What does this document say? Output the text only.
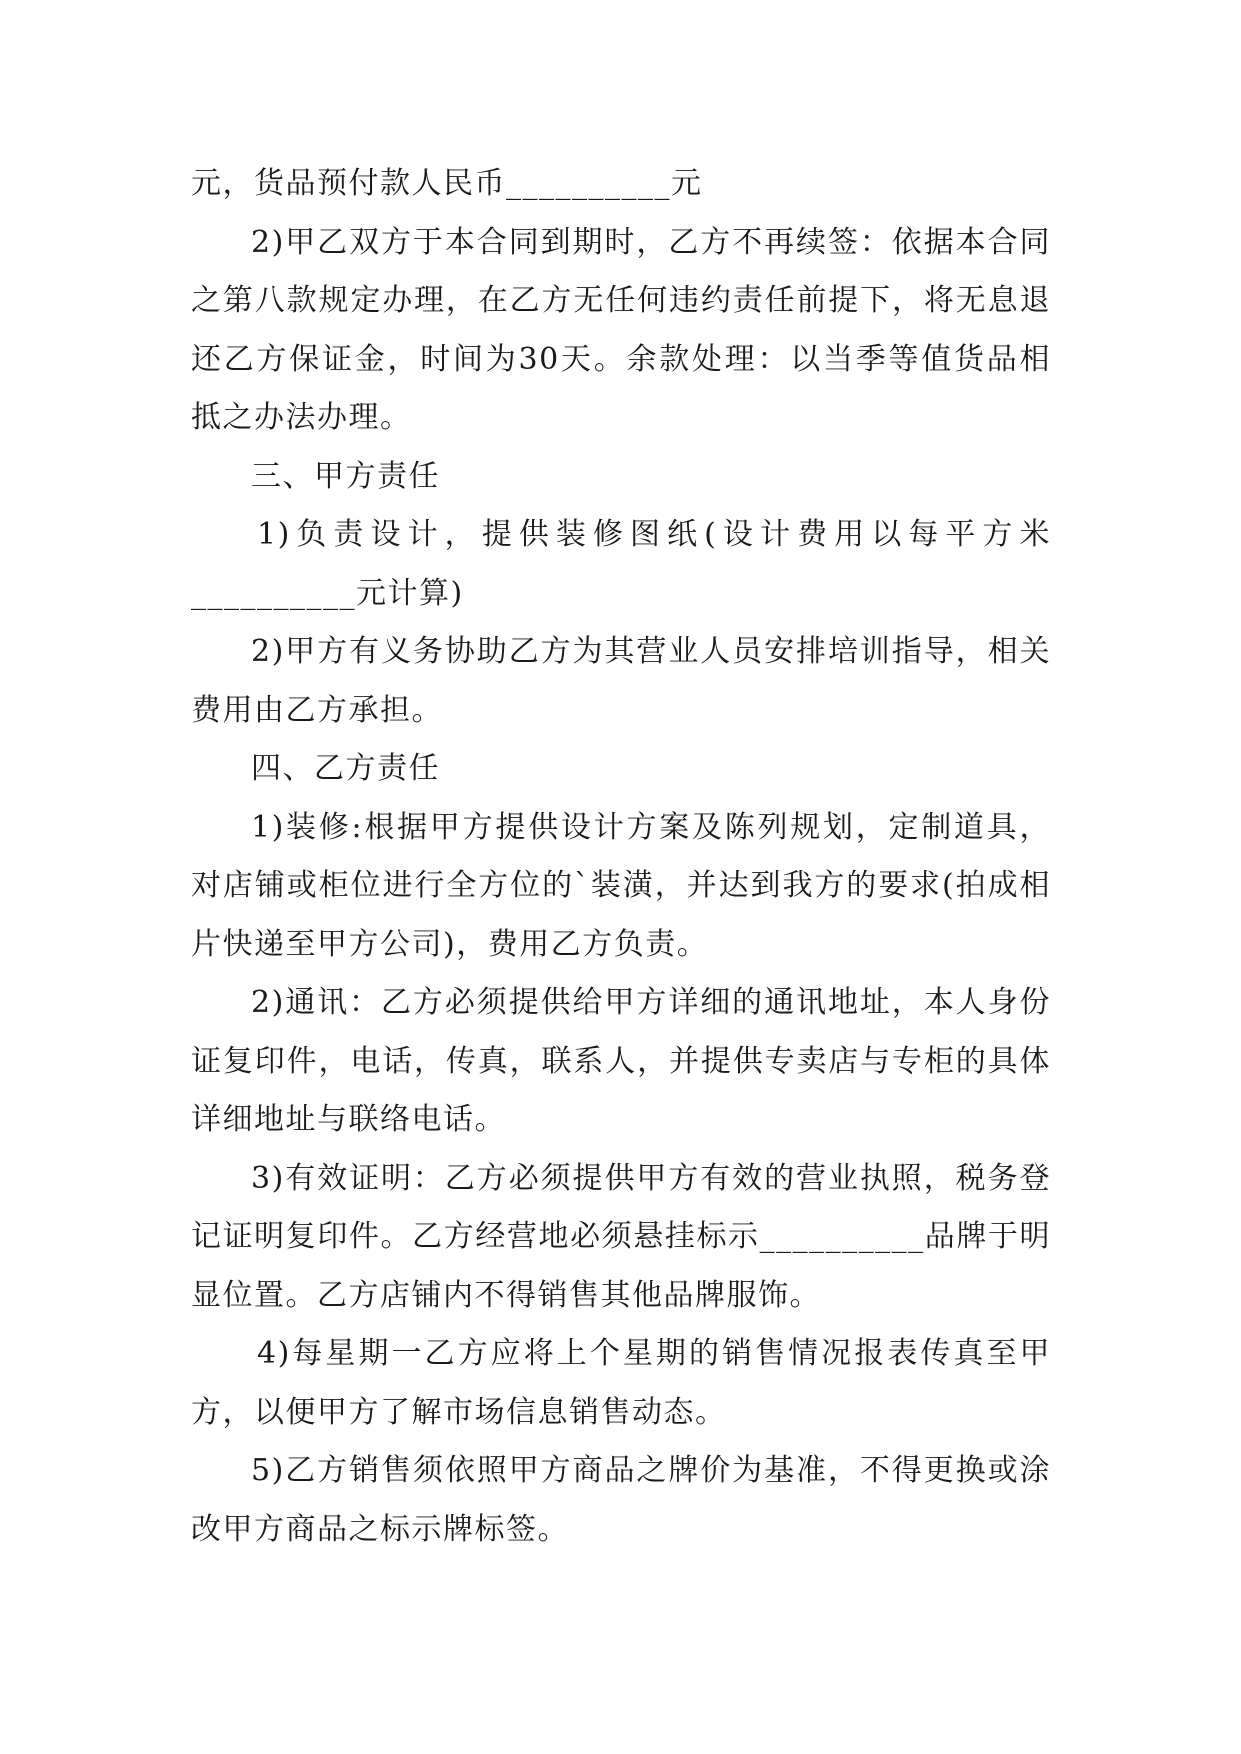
元，货品预付款人民币__________元

2)甲乙双方于本合同到期时，乙方不再续签：依据本合同之第八款规定办理，在乙方无任何违约责任前提下，将无息退还乙方保证金，时间为30天。余款处理：以当季等值货品相抵之办法办理。

三、甲方责任

1)负责设计，提供装修图纸(设计费用以每平方米__________元计算)

2)甲方有义务协助乙方为其营业人员安排培训指导，相关费用由乙方承担。

四、乙方责任

1)装修:根据甲方提供设计方案及陈列规划，定制道具，对店铺或柜位进行全方位的`装潢，并达到我方的要求(拍成相片快递至甲方公司)，费用乙方负责。

2)通讯：乙方必须提供给甲方详细的通讯地址，本人身份证复印件，电话，传真，联系人，并提供专卖店与专柜的具体详细地址与联络电话。

3)有效证明：乙方必须提供甲方有效的营业执照，税务登记证明复印件。乙方经营地必须悬挂标示__________品牌于明显位置。乙方店铺内不得销售其他品牌服饰。

4)每星期一乙方应将上个星期的销售情况报表传真至甲方，以便甲方了解市场信息销售动态。

5)乙方销售须依照甲方商品之牌价为基准，不得更换或涂改甲方商品之标示牌标签。
